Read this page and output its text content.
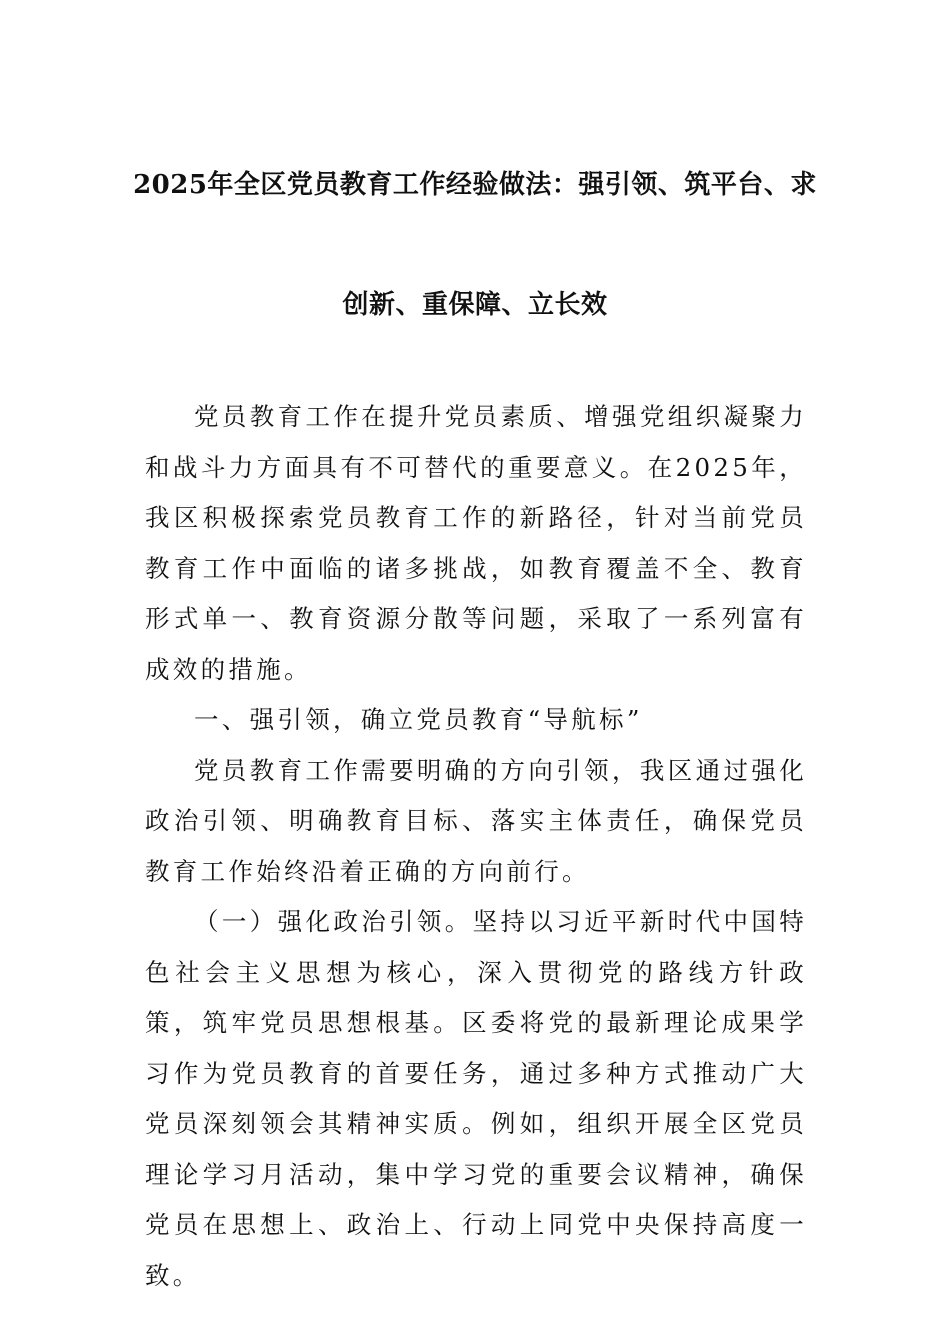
2025年全区党员教育工作经验做法：强引领、筑平台、求
创新、重保障、立长效

党员教育工作在提升党员素质、增强党组织凝聚力和战斗力方面具有不可替代的重要意义。在2025年，我区积极探索党员教育工作的新路径，针对当前党员教育工作中面临的诸多挑战，如教育覆盖不全、教育形式单一、教育资源分散等问题，采取了一系列富有成效的措施。

一、强引领，确立党员教育“导航标”

党员教育工作需要明确的方向引领，我区通过强化政治引领、明确教育目标、落实主体责任，确保党员教育工作始终沿着正确的方向前行。

（一）强化政治引领。坚持以习近平新时代中国特色社会主义思想为核心，深入贯彻党的路线方针政策，筑牢党员思想根基。区委将党的最新理论成果学习作为党员教育的首要任务，通过多种方式推动广大党员深刻领会其精神实质。例如，组织开展全区党员理论学习月活动，集中学习党的重要会议精神，确保党员在思想上、政治上、行动上同党中央保持高度一致。
